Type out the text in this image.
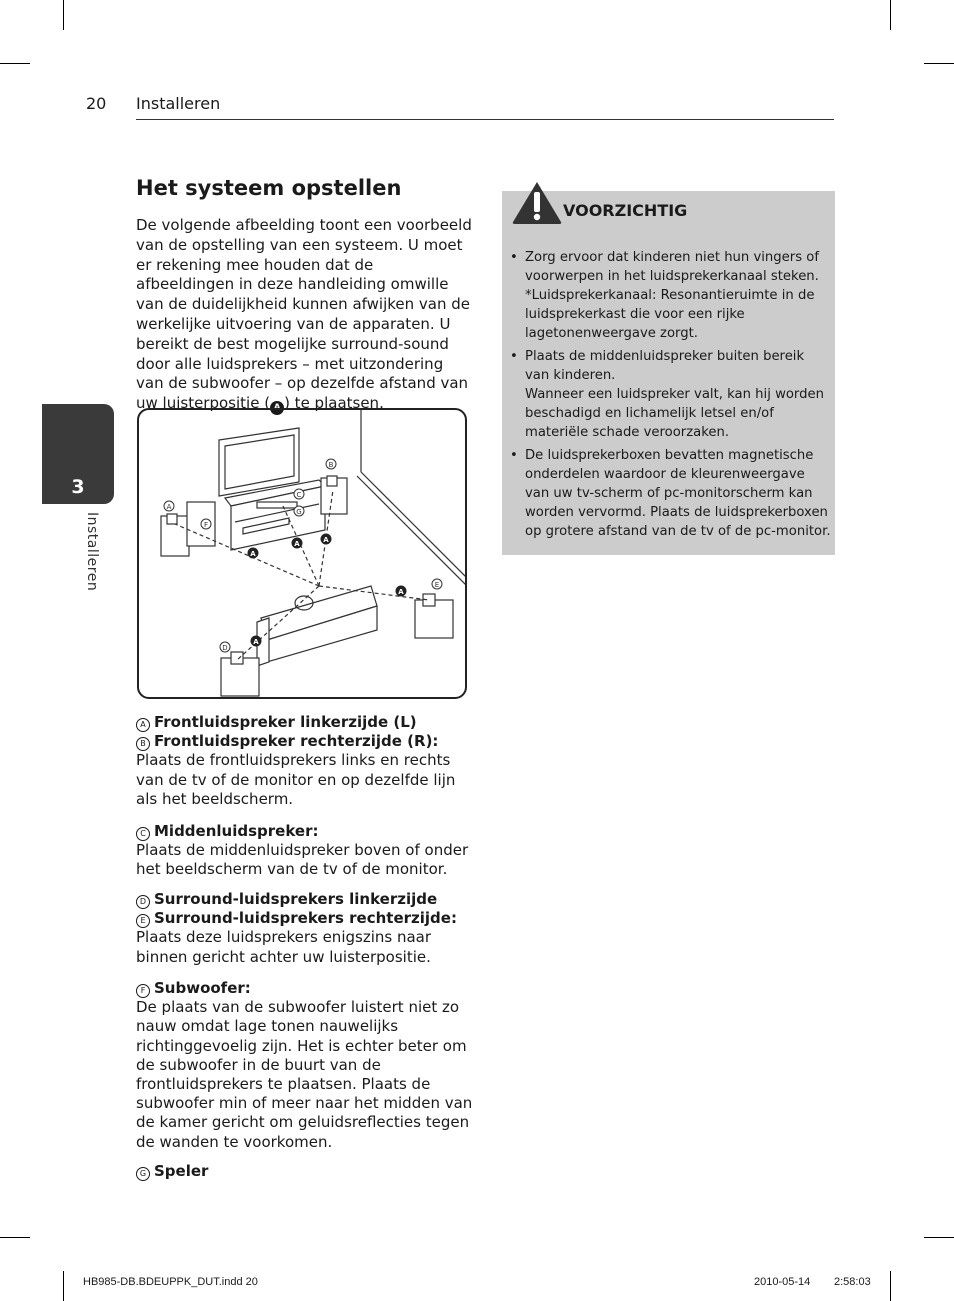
20 Installeren
3
Installeren
Het systeem opstellen
De volgende afbeelding toont een voorbeeld van de opstelling van een systeem. U moet er rekening mee houden dat de afbeeldingen in deze handleiding omwille van de duidelijkheid kunnen afwijken van de werkelijke uitvoering van de apparaten. U bereikt de best mogelijke surround-sound door alle luidsprekers – met uitzondering van de subwoofer – op dezelfde afstand van uw luisterpositie ( A ) te plaatsen.
A
B
C
G
F
E
D
A
A	A
A
A
A Frontluidspreker linkerzijde (L)
B Frontluidspreker rechterzijde (R):
Plaats de frontluidsprekers links en rechts van de tv of de monitor en op dezelfde lijn als het beeldscherm.
C Middenluidspreker:
Plaats de middenluidspreker boven of onder het beeldscherm van de tv of de monitor.
D Surround-luidsprekers linkerzijde
E Surround-luidsprekers rechterzijde:
Plaats deze luidsprekers enigszins naar binnen gericht achter uw luisterpositie.
F Subwoofer:
De plaats van de subwoofer luistert niet zo nauw omdat lage tonen nauwelijks richtinggevoelig zijn. Het is echter beter om de subwoofer in de buurt van de frontluidsprekers te plaatsen. Plaats de subwoofer min of meer naar het midden van de kamer gericht om geluidsreflecties tegen de wanden te voorkomen.
G Speler
• Zorg ervoor dat kinderen niet hun vingers of voorwerpen in het luidsprekerkanaal steken. *Luidsprekerkanaal: Resonantieruimte in de luidsprekerkast die voor een rijke lagetonenweergave zorgt.
• Plaats de middenluidspreker buiten bereik van kinderen.
Wanneer een luidspreker valt, kan hij worden beschadigd en lichamelijk letsel en/of materiële schade veroorzaken.
• De luidsprekerboxen bevatten magnetische onderdelen waardoor de kleurenweergave van uw tv-scherm of pc-monitorscherm kan worden vervormd. Plaats de luidsprekerboxen op grotere afstand van de tv of de pc-monitor.
VOORZICHTIG
HB985-DB.BDEUPPK_DUT.indd 20	2010-05-14 2:58:03
